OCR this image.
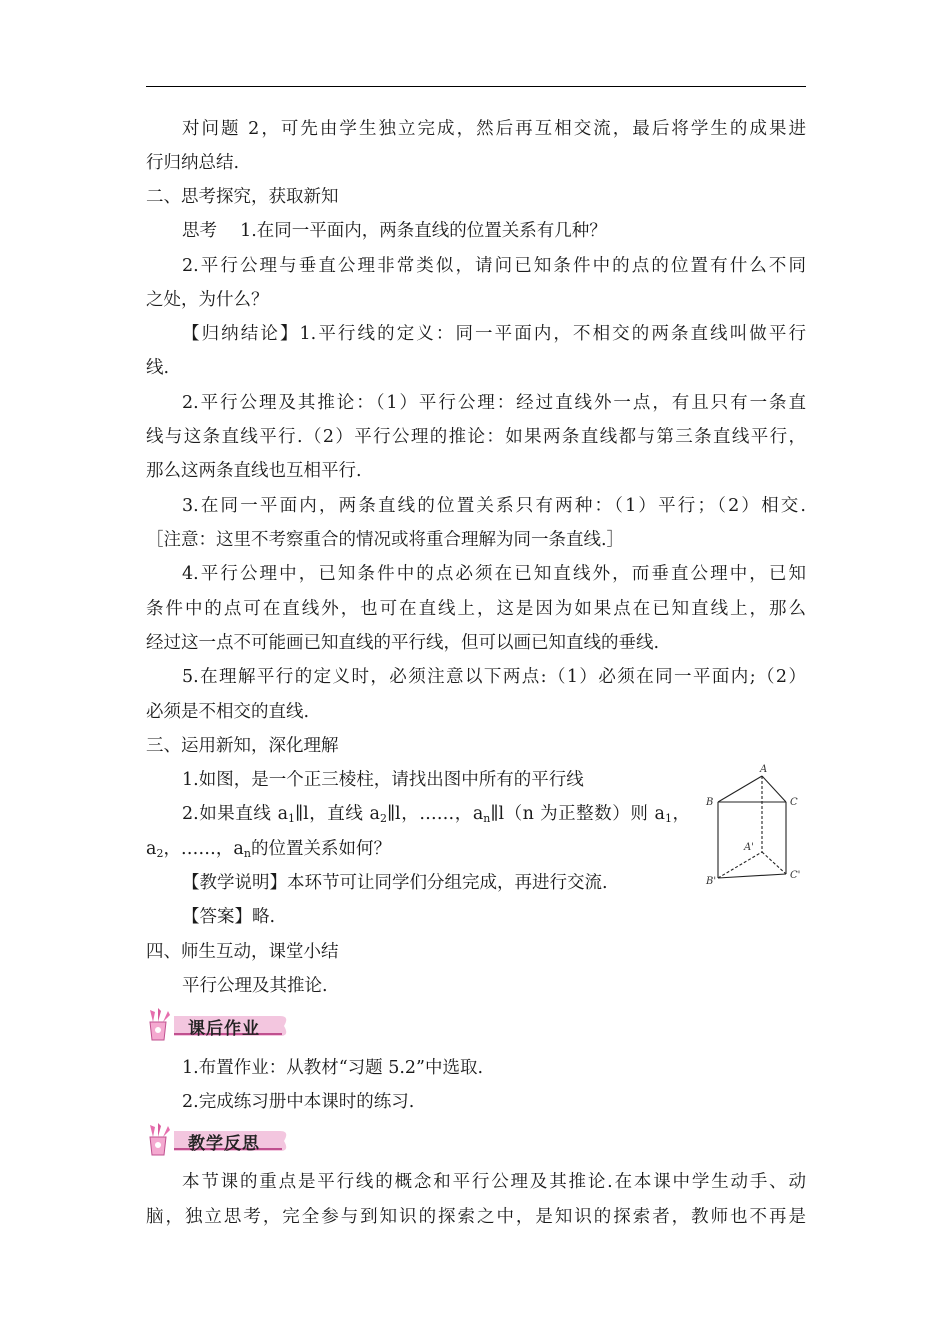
对问题 2，可先由学生独立完成，然后再互相交流，最后将学生的成果进
行归纳总结.
二、思考探究，获取新知
思考　 1.在同一平面内，两条直线的位置关系有几种？
2.平行公理与垂直公理非常类似，请问已知条件中的点的位置有什么不同
之处，为什么？
【归纳结论】1.平行线的定义：同一平面内，不相交的两条直线叫做平行
线.
2.平行公理及其推论：（1）平行公理：经过直线外一点，有且只有一条直
线与这条直线平行.（2）平行公理的推论：如果两条直线都与第三条直线平行，
那么这两条直线也互相平行.
3.在同一平面内，两条直线的位置关系只有两种：（1）平行；（2）相交.
［注意：这里不考察重合的情况或将重合理解为同一条直线.］
4.平行公理中，已知条件中的点必须在已知直线外，而垂直公理中，已知
条件中的点可在直线外，也可在直线上，这是因为如果点在已知直线上，那么
经过这一点不可能画已知直线的平行线，但可以画已知直线的垂线.
5.在理解平行的定义时，必须注意以下两点:（1）必须在同一平面内;（2）
必须是不相交的直线.
三、运用新知，深化理解
1.如图，是一个正三棱柱，请找出图中所有的平行线
2.如果直线 $a_1\parallel l$，直线 $a_2\parallel l$，……，$a_n\parallel l(n$ 为正整数）则 $a_1$，
$a_2$，……，$a_n$的位置关系如何？
【教学说明】本环节可让同学们分组完成，再进行交流.
【答案】略.
四、师生互动，课堂小结
平行公理及其推论.
A
B	C
A'
B'
C'
课后作业
1.布置作业：从教材“习题 5.2”中选取.
2.完成练习册中本课时的练习.
教学反思
本节课的重点是平行线的概念和平行公理及其推论.在本课中学生动手、动
脑，独立思考，完全参与到知识的探索之中，是知识的探索者，教师也不再是
